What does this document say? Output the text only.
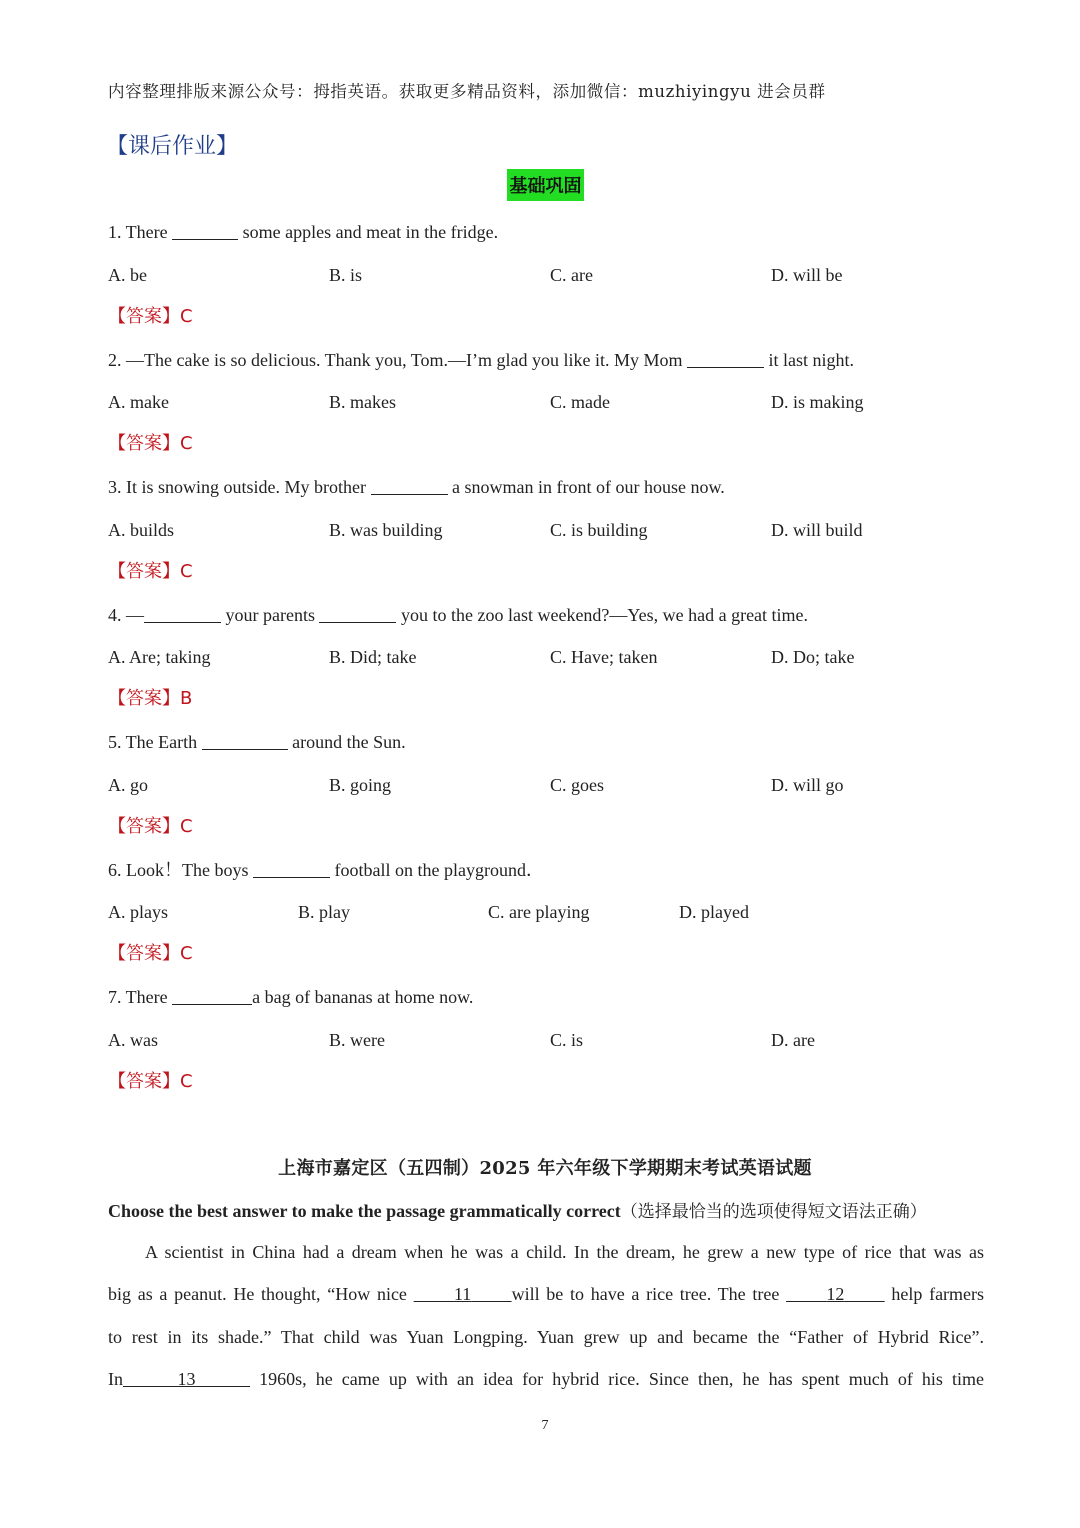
内容整理排版来源公众号：拇指英语。获取更多精品资料，添加微信：muzhiyingyu 进会员群
【课后作业】
基础巩固
1. There	some apples and meat in the fridge.
A. be	B. is	C. are	D. will be
【答案】C
2. —The cake is so delicious. Thank you, Tom.—I’m glad you like it. My Mom	it last night.
A. make	B. makes	C. made	D. is making
【答案】C
3. It is snowing outside. My brother	a snowman in front of our house now.
A. builds	B. was building	C. is building	D. will build
【答案】C
4. —	your parents	you to the zoo last weekend?—Yes, we had a great time.
A. Are; taking	B. Did; take	C. Have; taken	D. Do; take
【答案】B
5. The Earth	around the Sun.
A. go	B. going	C. goes	D. will go
【答案】C
6. Look！The boys	football on the playground．
A. plays	B. play	C. are playing	D. played
【答案】C
7. There	a bag of bananas at home now.
A. was	B. were	C. is	D. are
【答案】C
上海市嘉定区（五四制）2025 年六年级下学期期末考试英语试题
Choose the best answer to make the passage grammatically correct（选择最恰当的选项使得短文语法正确）
A scientist in China had a dream when he was a child. In the dream, he grew a new type of rice that was as
big as a peanut. He thought, “How nice       11 will be to have a rice tree. The tree       12       help farmers
to rest in its shade.” That child was Yuan Longping. Yuan grew up and became the “Father of Hybrid Rice”.
In	13	1960s, he came up with an idea for hybrid rice. Since then, he has spent much of his time
7
